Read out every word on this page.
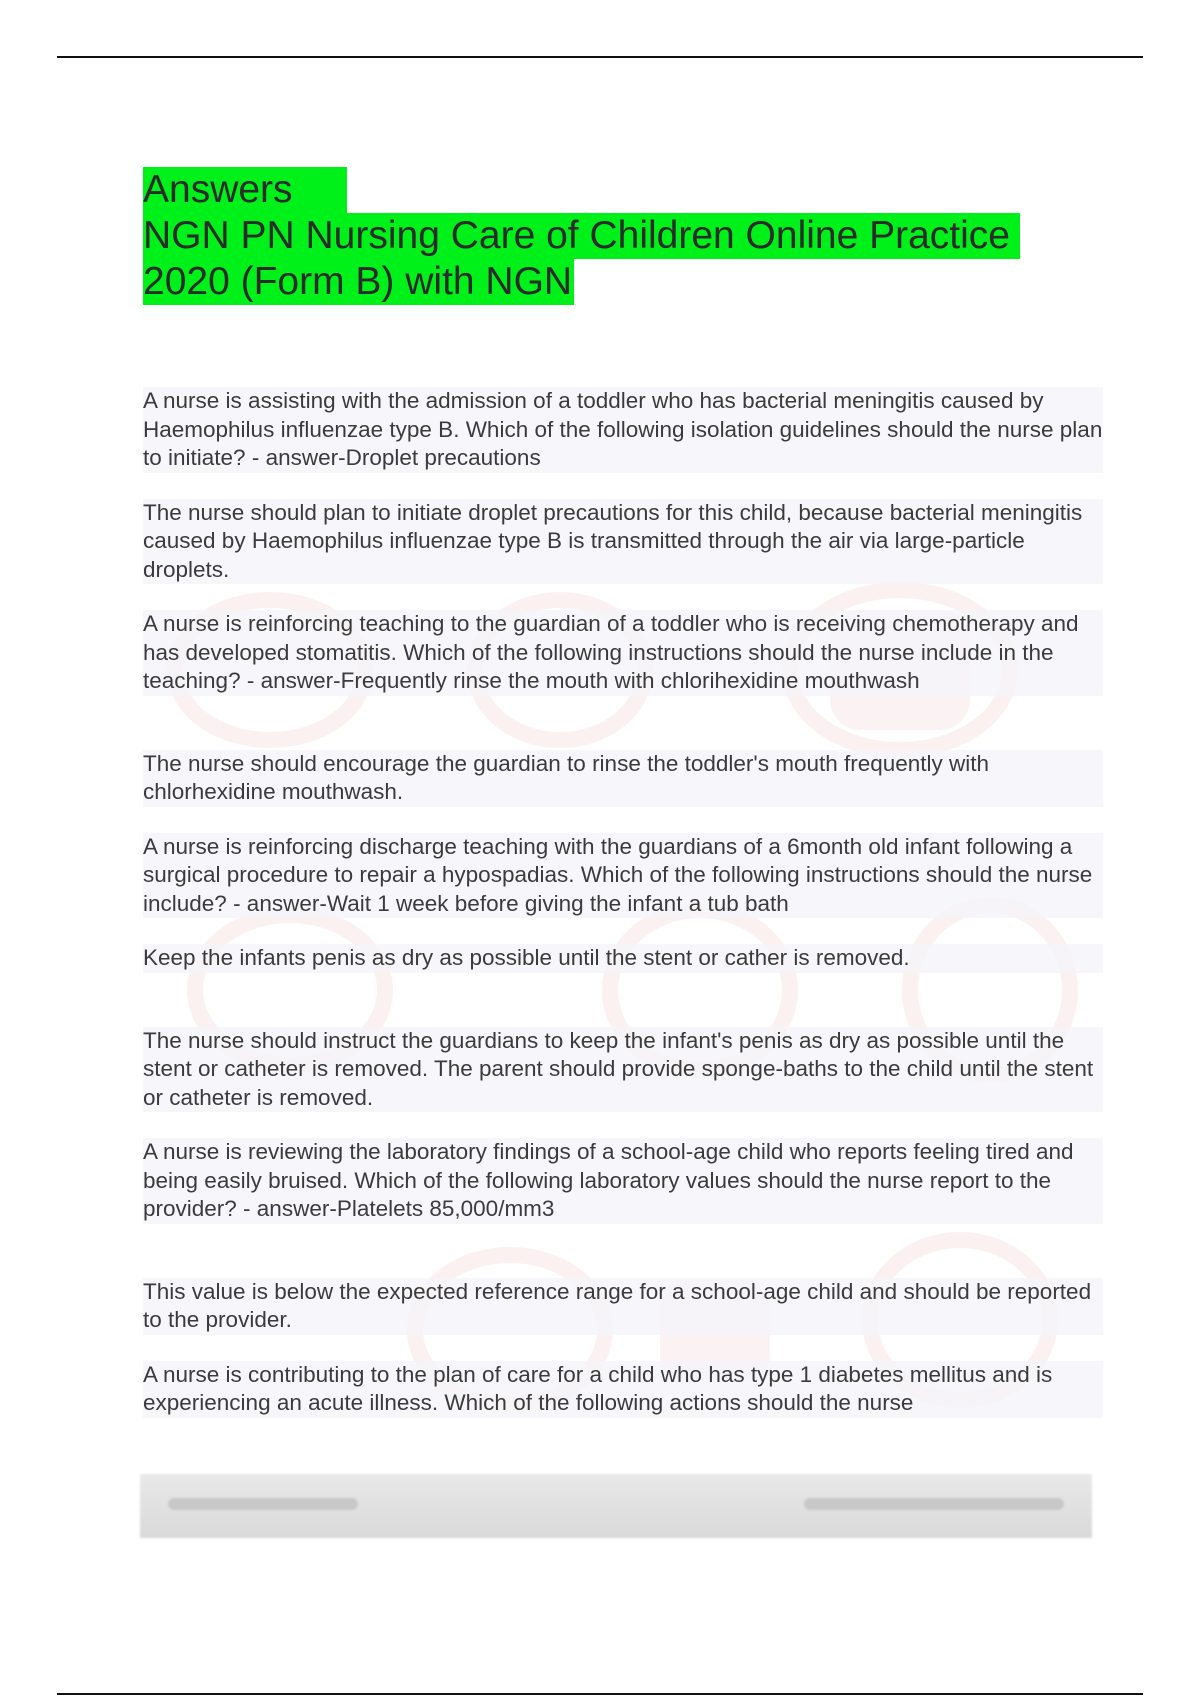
Answers
NGN PN Nursing Care of Children Online Practice
2020 (Form B) with NGN

A nurse is assisting with the admission of a toddler who has bacterial meningitis caused by Haemophilus influenzae type B. Which of the following isolation guidelines should the nurse plan to initiate? - answer-Droplet precautions

The nurse should plan to initiate droplet precautions for this child, because bacterial meningitis caused by Haemophilus influenzae type B is transmitted through the air via large-particle droplets.

A nurse is reinforcing teaching to the guardian of a toddler who is receiving chemotherapy and has developed stomatitis. Which of the following instructions should the nurse include in the teaching? - answer-Frequently rinse the mouth with chlorihexidine mouthwash

The nurse should encourage the guardian to rinse the toddler's mouth frequently with chlorhexidine mouthwash.

A nurse is reinforcing discharge teaching with the guardians of a 6month old infant following a surgical procedure to repair a hypospadias. Which of the following instructions should the nurse include? - answer-Wait 1 week before giving the infant a tub bath

Keep the infants penis as dry as possible until the stent or cather is removed.

The nurse should instruct the guardians to keep the infant's penis as dry as possible until the stent or catheter is removed. The parent should provide sponge-baths to the child until the stent or catheter is removed.

A nurse is reviewing the laboratory findings of a school-age child who reports feeling tired and being easily bruised. Which of the following laboratory values should the nurse report to the provider? - answer-Platelets 85,000/mm3

This value is below the expected reference range for a school-age child and should be reported to the provider.

A nurse is contributing to the plan of care for a child who has type 1 diabetes mellitus and is experiencing an acute illness. Which of the following actions should the nurse
